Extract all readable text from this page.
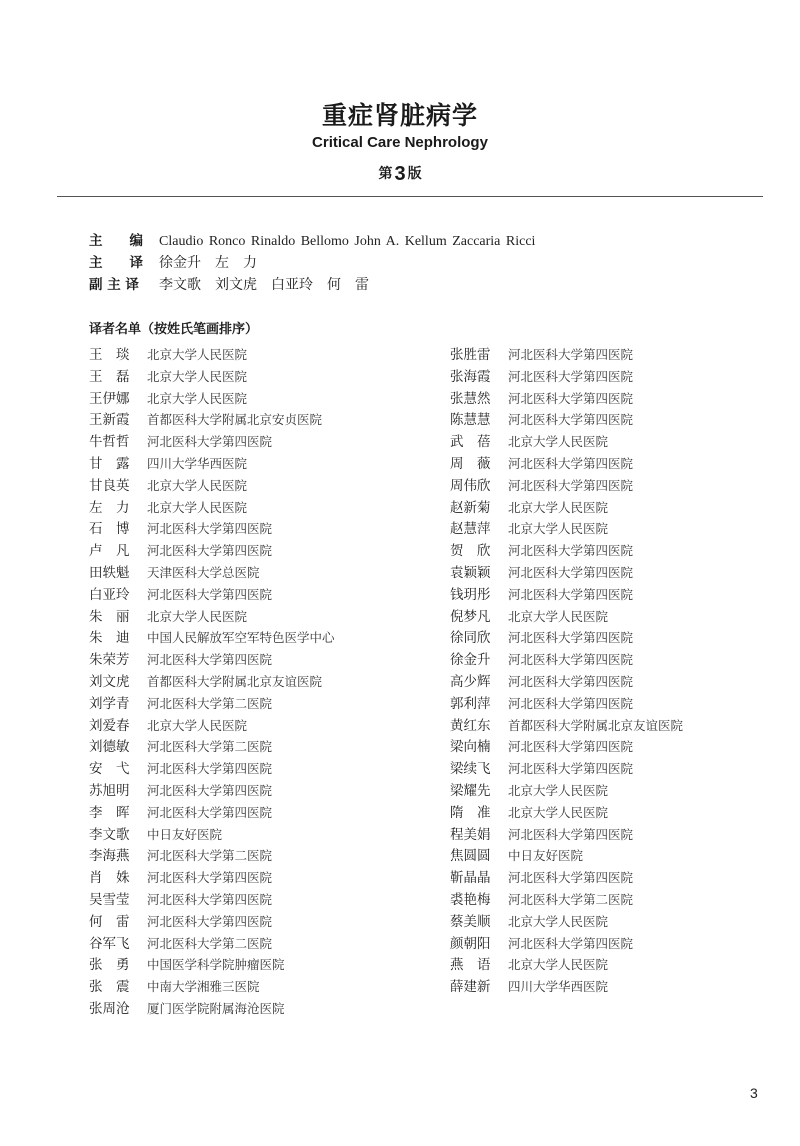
重症肾脏病学
Critical Care Nephrology
第 3 版
主　　编 Claudio Ronco Rinaldo Bellomo John A. Kellum Zaccaria Ricci
主　　译 徐金升　左　力
副 主 译 李文歌　刘文虎　白亚玲　何　雷
译者名单（按姓氏笔画排序）
王　琰 北京大学人民医院
王　磊 北京大学人民医院
王伊娜 北京大学人民医院
王新霞 首都医科大学附属北京安贞医院
牛哲哲 河北医科大学第四医院
甘　露 四川大学华西医院
甘良英 北京大学人民医院
左　力 北京大学人民医院
石　博 河北医科大学第四医院
卢　凡 河北医科大学第四医院
田轶魁 天津医科大学总医院
白亚玲 河北医科大学第四医院
朱　丽 北京大学人民医院
朱　迪 中国人民解放军空军特色医学中心
朱荣芳 河北医科大学第四医院
刘文虎 首都医科大学附属北京友谊医院
刘学青 河北医科大学第二医院
刘爱春 北京大学人民医院
刘德敏 河北医科大学第二医院
安　弋 河北医科大学第四医院
苏旭明 河北医科大学第四医院
李　晖 河北医科大学第四医院
李文歌 中日友好医院
李海燕 河北医科大学第二医院
肖　姝 河北医科大学第四医院
吴雪莹 河北医科大学第四医院
何　雷 河北医科大学第四医院
谷军飞 河北医科大学第二医院
张　勇 中国医学科学院肿瘤医院
张　震 中南大学湘雅三医院
张周沧 厦门医学院附属海沧医院
张胜雷 河北医科大学第四医院
张海霞 河北医科大学第四医院
张慧然 河北医科大学第四医院
陈慧慧 河北医科大学第四医院
武　蓓 北京大学人民医院
周　薇 河北医科大学第四医院
周伟欣 河北医科大学第四医院
赵新菊 北京大学人民医院
赵慧萍 北京大学人民医院
贺　欣 河北医科大学第四医院
袁颖颖 河北医科大学第四医院
钱玥彤 河北医科大学第四医院
倪梦凡 北京大学人民医院
徐同欣 河北医科大学第四医院
徐金升 河北医科大学第四医院
高少辉 河北医科大学第四医院
郭利萍 河北医科大学第四医院
黄红东 首都医科大学附属北京友谊医院
梁向楠 河北医科大学第四医院
梁续飞 河北医科大学第四医院
梁耀先 北京大学人民医院
隋　准 北京大学人民医院
程美娟 河北医科大学第四医院
焦圆圆 中日友好医院
靳晶晶 河北医科大学第四医院
裘艳梅 河北医科大学第二医院
蔡美顺 北京大学人民医院
颜朝阳 河北医科大学第四医院
燕　语 北京大学人民医院
薛建新 四川大学华西医院
3
